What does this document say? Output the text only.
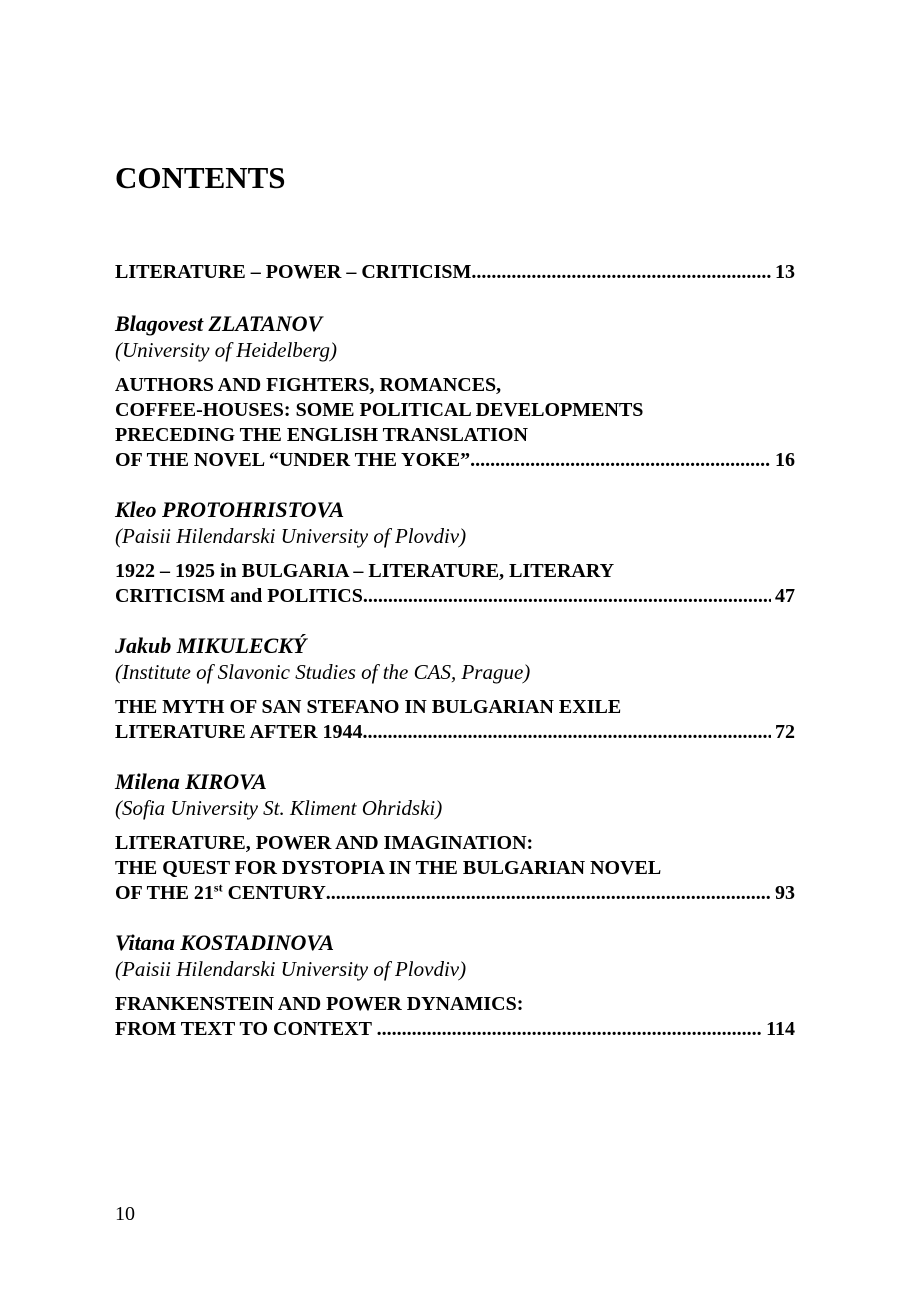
CONTENTS
LITERATURE – POWER – CRITICISM .....	13
Blagovest ZLATANOV
(University of Heidelberg)
AUTHORS AND FIGHTERS, ROMANCES,
COFFEE-HOUSES: SOME POLITICAL DEVELOPMENTS
PRECEDING THE ENGLISH TRANSLATION
OF THE NOVEL “UNDER THE YOKE” .....	16
Kleo PROTOHRISTOVA
(Paisii Hilendarski University of Plovdiv)
1922 – 1925 in BULGARIA – LITERATURE, LITERARY
CRITICISM and POLITICS .....	47
Jakub MIKULECKÝ
(Institute of Slavonic Studies of the CAS, Prague)
THE MYTH OF SAN STEFANO IN BULGARIAN EXILE
LITERATURE AFTER 1944 .....	72
Milena KIROVA
(Sofia University St. Kliment Ohridski)
LITERATURE, POWER AND IMAGINATION:
THE QUEST FOR DYSTOPIA IN THE BULGARIAN NOVEL
OF THE 21st CENTURY .....	93
Vitana KOSTADINOVA
(Paisii Hilendarski University of Plovdiv)
FRANKENSTEIN AND POWER DYNAMICS:
FROM TEXT TO CONTEXT .....	114
10
